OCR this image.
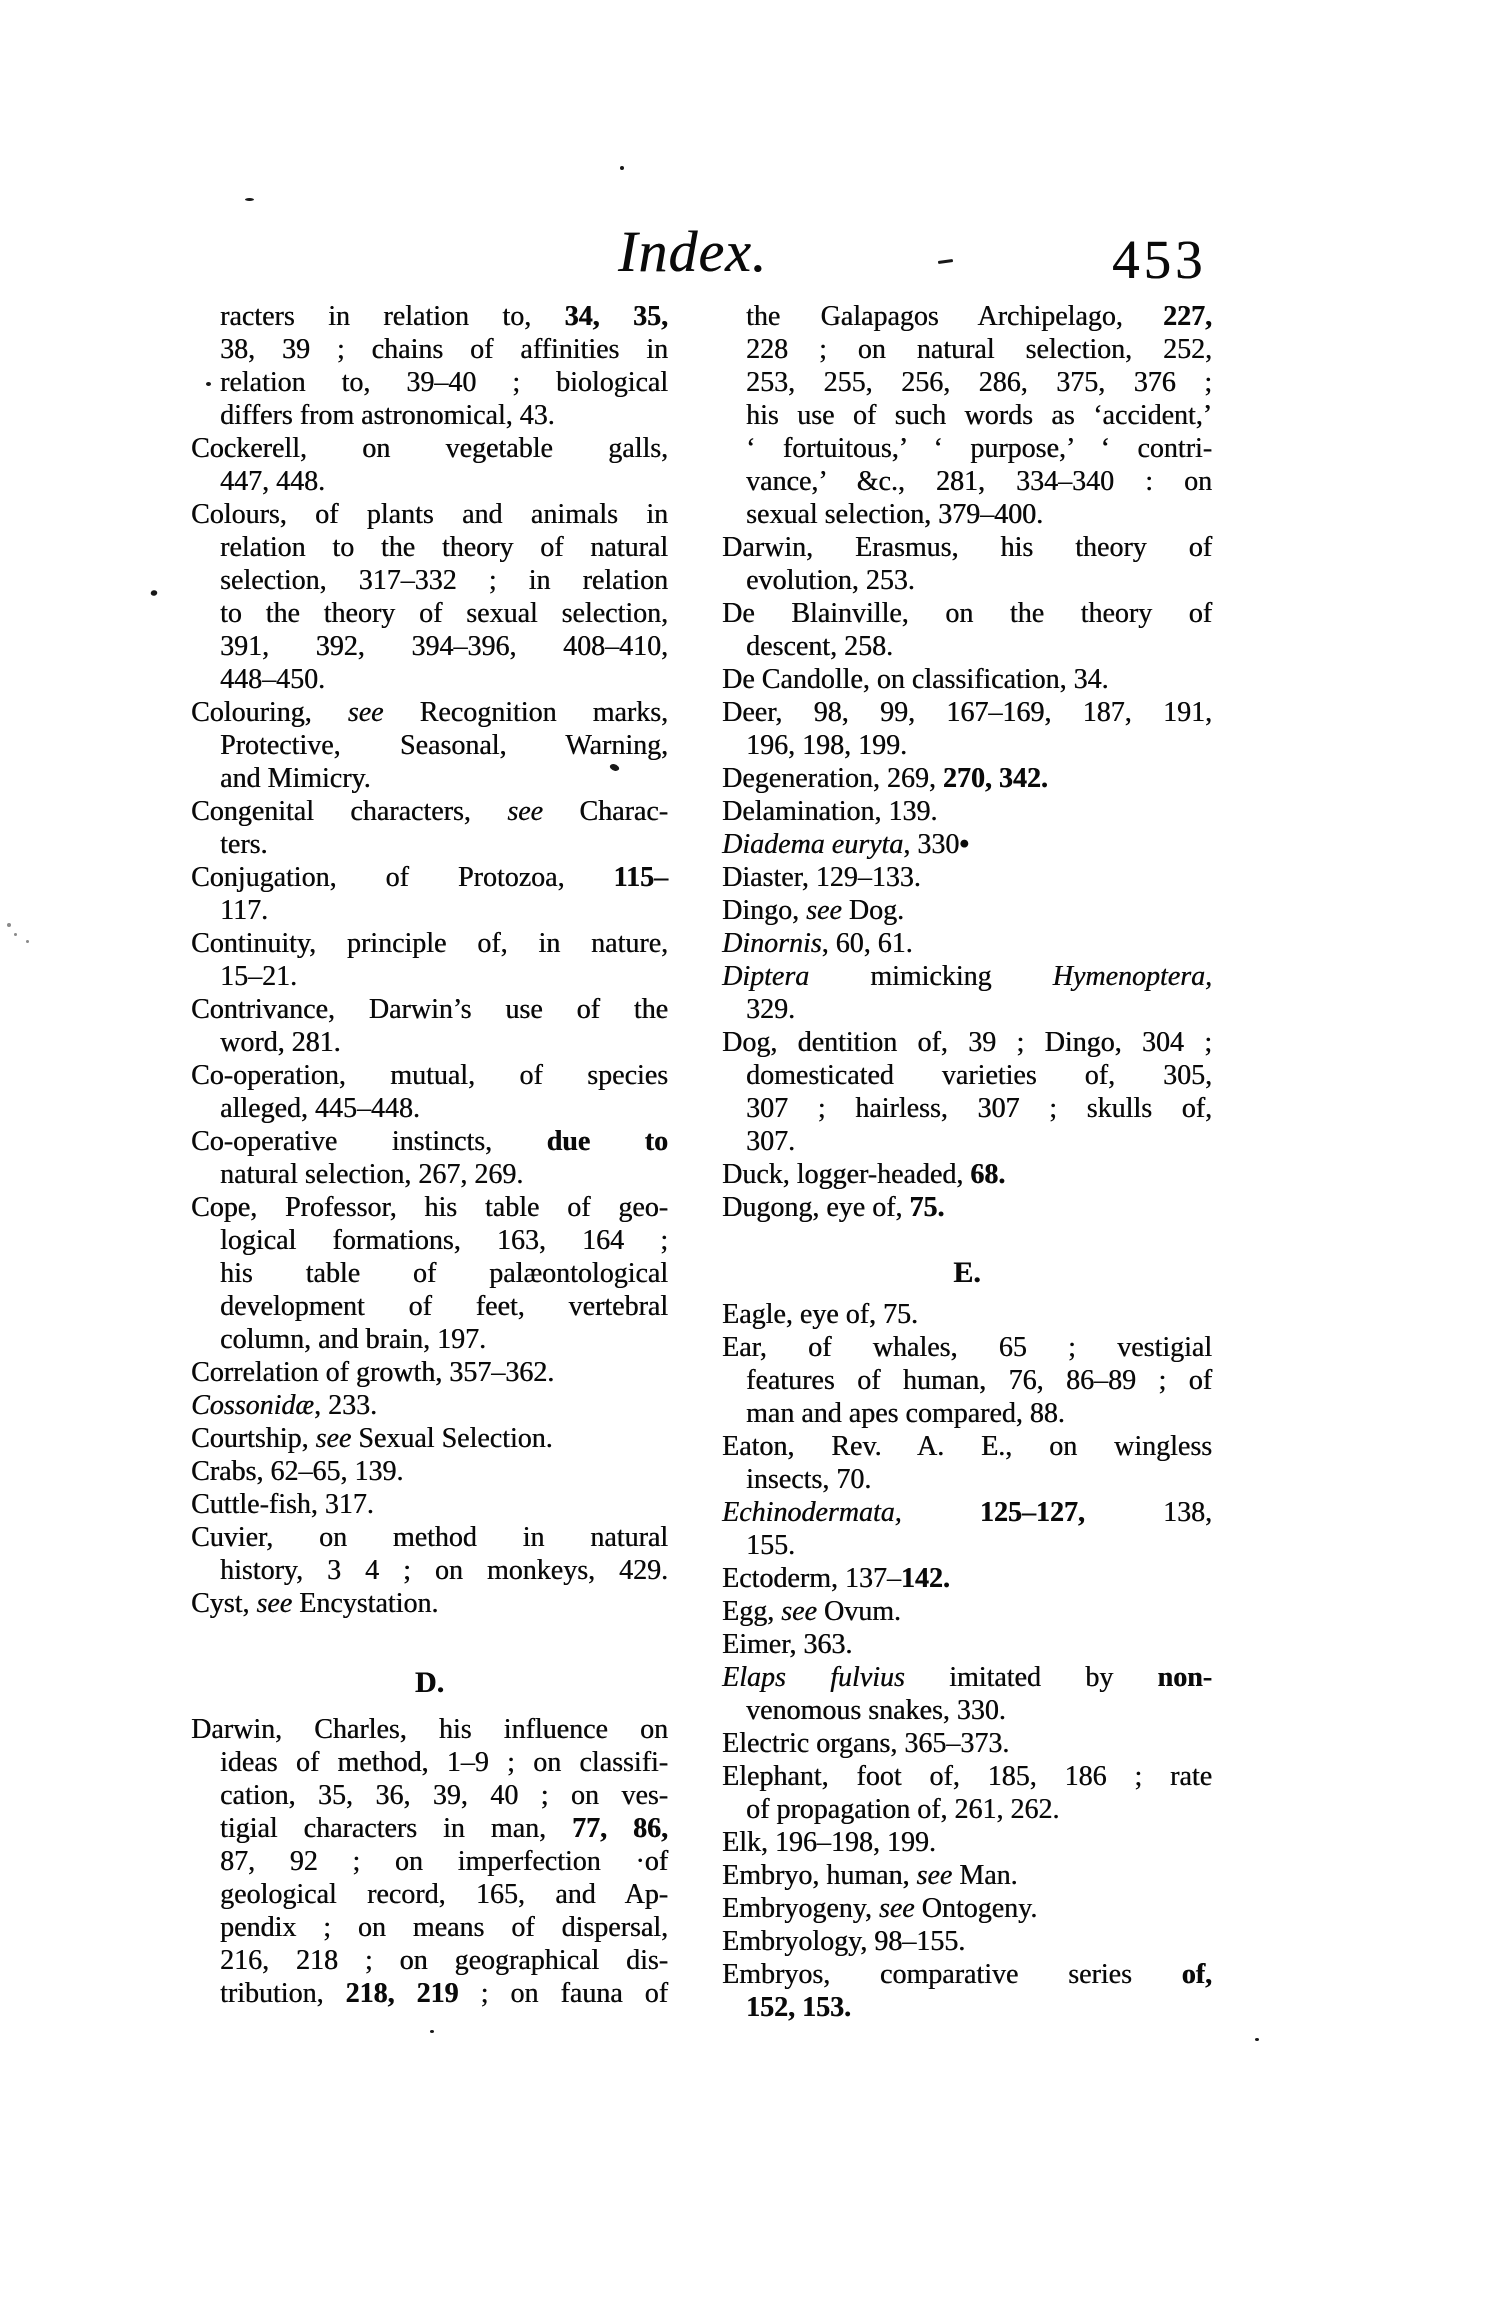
Index.	453
racters in relation to, 34, 35,
38, 39 ; chains of affinities in
relation to, 39–40 ; biological
differs from astronomical, 43.
Cockerell, on vegetable galls,
447, 448.
Colours, of plants and animals in
relation to the theory of natural
selection, 317–332 ; in relation
to the theory of sexual selection,
391, 392, 394–396, 408–410,
448–450.
Colouring, see Recognition marks,
Protective, Seasonal, Warning,
and Mimicry.
Congenital characters, see Charac-
ters.
Conjugation, of Protozoa, 115–
117.
Continuity, principle of, in nature,
15–21.
Contrivance, Darwin’s use of the
word, 281.
Co-operation, mutual, of species
alleged, 445–448.
Co-operative instincts, due to
natural selection, 267, 269.
Cope, Professor, his table of geo-
logical formations, 163, 164 ;
his table of palæontological
development of feet, vertebral
column, and brain, 197.
Correlation of growth, 357–362.
Cossonidæ, 233.
Courtship, see Sexual Selection.
Crabs, 62–65, 139.
Cuttle-fish, 317.
Cuvier, on method in natural
history, 3 4 ; on monkeys, 429.
Cyst, see Encystation.
D.
Darwin, Charles, his influence on
ideas of method, 1–9 ; on classifi-
cation, 35, 36, 39, 40 ; on ves-
tigial characters in man, 77, 86,
87, 92 ; on imperfection ·of
geological record, 165, and Ap-
pendix ; on means of dispersal,
216, 218 ; on geographical dis-
tribution, 218, 219 ; on fauna of
the Galapagos Archipelago, 227,
228 ; on natural selection, 252,
253, 255, 256, 286, 375, 376 ;
his use of such words as ‘accident,’
‘ fortuitous,’ ‘ purpose,’ ‘ contri-
vance,’ &c., 281, 334–340 : on
sexual selection, 379–400.
Darwin, Erasmus, his theory of
evolution, 253.
De Blainville, on the theory of
descent, 258.
De Candolle, on classification, 34.
Deer, 98, 99, 167–169, 187, 191,
196, 198, 199.
Degeneration, 269, 270, 342.
Delamination, 139.
Diadema euryta, 330•
Diaster, 129–133.
Dingo, see Dog.
Dinornis, 60, 61.
Diptera mimicking Hymenoptera,
329.
Dog, dentition of, 39 ; Dingo, 304 ;
domesticated varieties of, 305,
307 ; hairless, 307 ; skulls of,
307.
Duck, logger-headed, 68.
Dugong, eye of, 75.
E.
Eagle, eye of, 75.
Ear, of whales, 65 ; vestigial
features of human, 76, 86–89 ; of
man and apes compared, 88.
Eaton, Rev. A. E., on wingless
insects, 70.
Echinodermata,	125–127, 138,
155.
Ectoderm, 137–142.
Egg, see Ovum.
Eimer, 363.
Elaps fulvius imitated by non-
venomous snakes, 330.
Electric organs, 365–373.
Elephant, foot of, 185, 186 ; rate
of propagation of, 261, 262.
Elk, 196–198, 199.
Embryo, human, see Man.
Embryogeny, see Ontogeny.
Embryology, 98–155.
Embryos, comparative series of,
152, 153.
